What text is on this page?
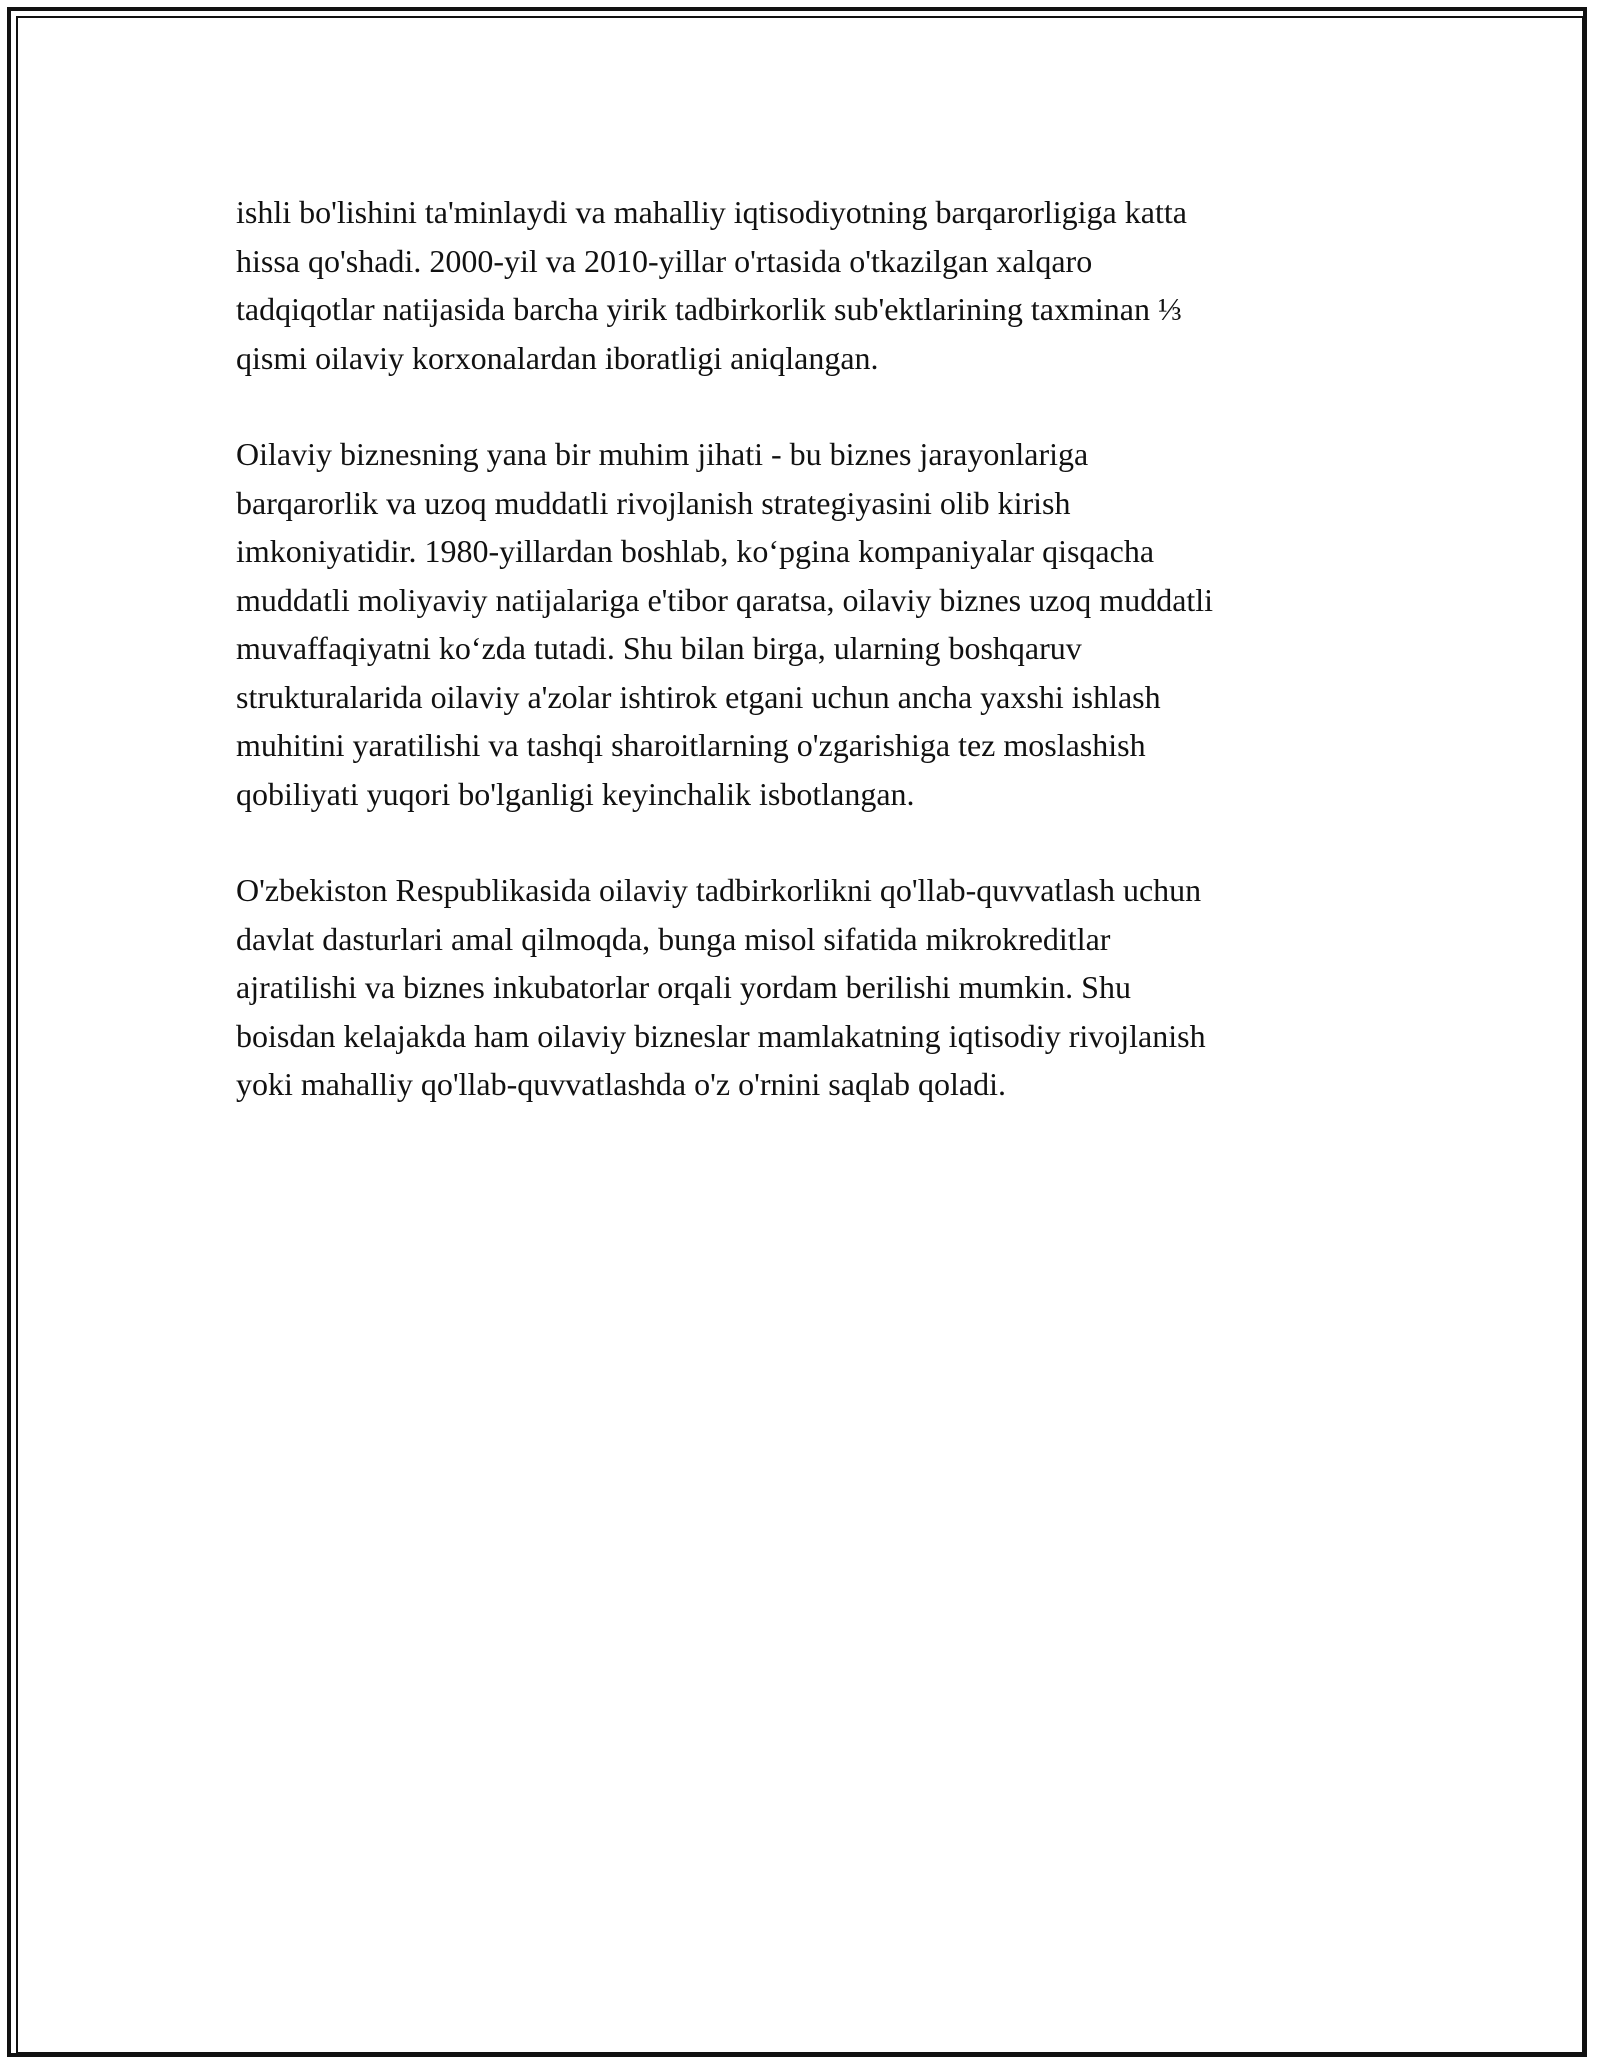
ishli bo'lishini ta'minlaydi va mahalliy iqtisodiyotning barqarorligiga katta
hissa qo'shadi. 2000-yil va 2010-yillar o'rtasida o'tkazilgan xalqaro
tadqiqotlar natijasida barcha yirik tadbirkorlik sub'ektlarining taxminan ⅓
qismi oilaviy korxonalardan iboratligi aniqlangan.

Oilaviy biznesning yana bir muhim jihati - bu biznes jarayonlariga
barqarorlik va uzoq muddatli rivojlanish strategiyasini olib kirish
imkoniyatidir. 1980-yillardan boshlab, ko‘pgina kompaniyalar qisqacha
muddatli moliyaviy natijalariga e'tibor qaratsa, oilaviy biznes uzoq muddatli
muvaffaqiyatni ko‘zda tutadi. Shu bilan birga, ularning boshqaruv
strukturalarida oilaviy a'zolar ishtirok etgani uchun ancha yaxshi ishlash
muhitini yaratilishi va tashqi sharoitlarning o'zgarishiga tez moslashish
qobiliyati yuqori bo'lganligi keyinchalik isbotlangan.

O'zbekiston Respublikasida oilaviy tadbirkorlikni qo'llab-quvvatlash uchun
davlat dasturlari amal qilmoqda, bunga misol sifatida mikrokreditlar
ajratilishi va biznes inkubatorlar orqali yordam berilishi mumkin. Shu
boisdan kelajakda ham oilaviy bizneslar mamlakatning iqtisodiy rivojlanish
yoki mahalliy qo'llab-quvvatlashda o'z o'rnini saqlab qoladi.
